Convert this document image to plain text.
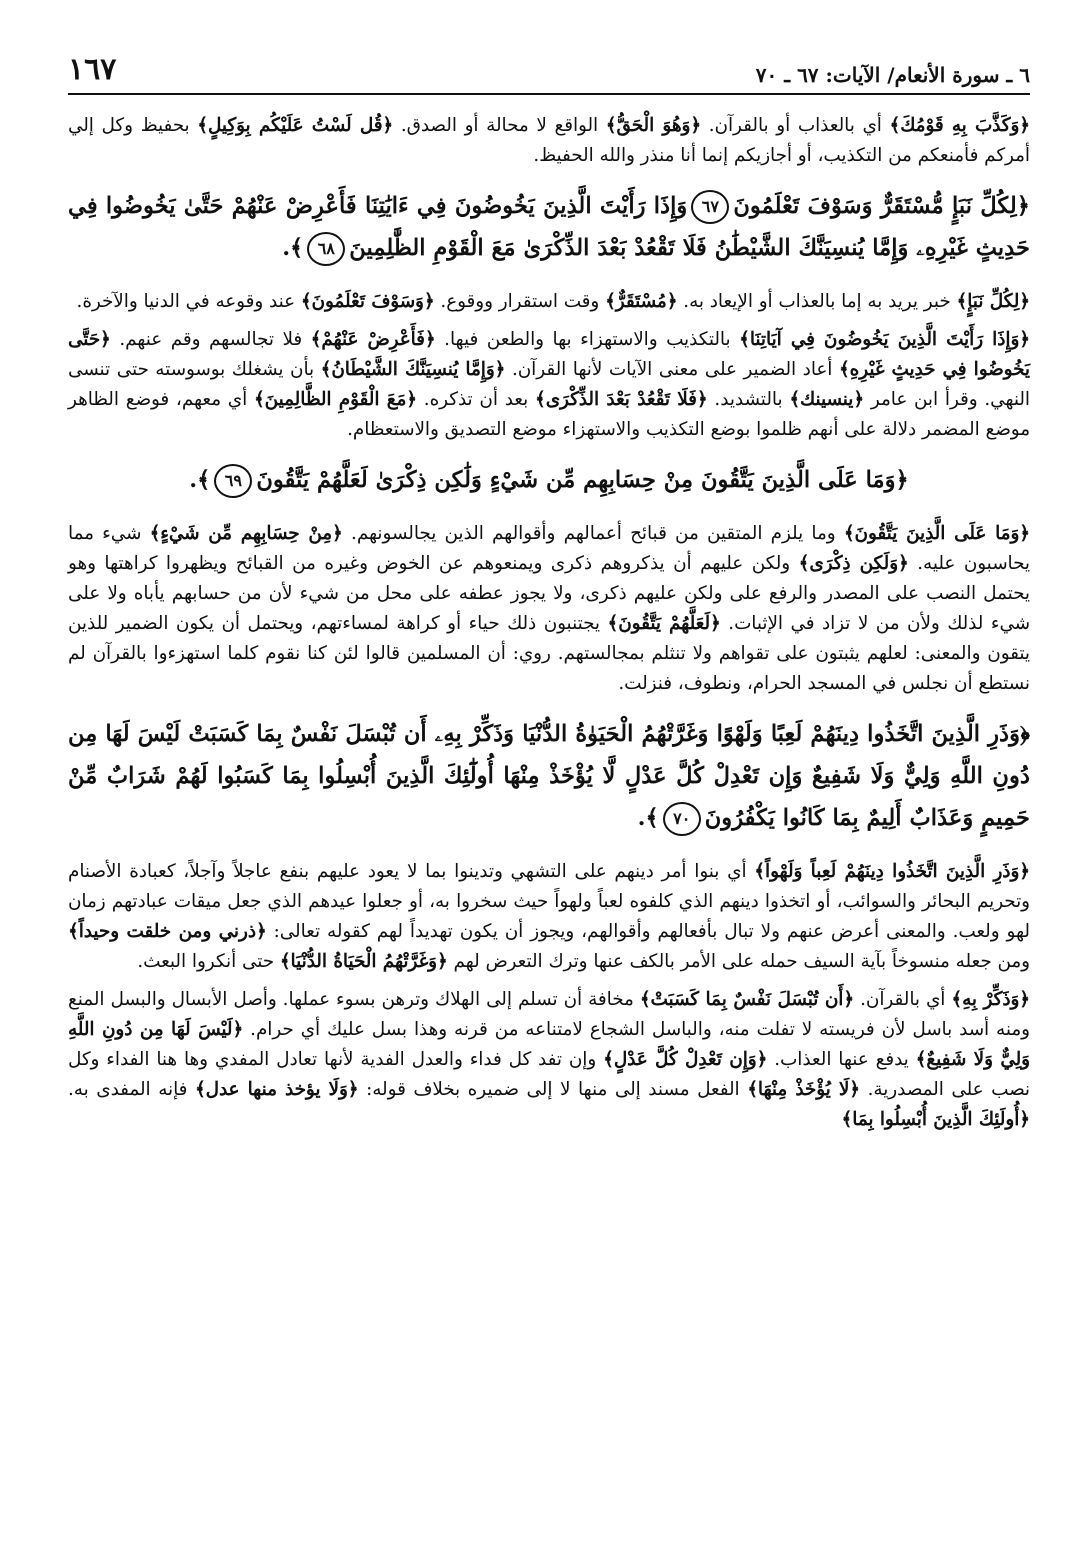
٦ ـ سورة الأنعام/ الآيات: ٦٧ ـ ٧٠
١٦٧

﴿وَكَذَّبَ بِهِ قَوْمُكَ﴾ أي بالعذاب أو بالقرآن. ﴿وَهُوَ الْحَقُّ﴾ الواقع لا محالة أو الصدق. ﴿قُل لَسْتُ عَلَيْكُم بِوَكِيلٍ﴾ بحفيظ وكل إلي أمركم فأمنعكم من التكذيب، أو أجازيكم إنما أنا منذر والله الحفيظ.

﴿لِكُلِّ نَبَإٍ مُّسْتَقَرٌّ وَسَوْفَ تَعْلَمُونَ٦٧وَإِذَا رَأَيْتَ الَّذِينَ يَخُوضُونَ فِي ءَايَٰتِنَا فَأَعْرِضْ عَنْهُمْ حَتَّىٰ يَخُوضُوا فِي حَدِيثٍ غَيْرِهِۦ وَإِمَّا يُنسِيَنَّكَ الشَّيْطَٰنُ فَلَا تَقْعُدْ بَعْدَ الذِّكْرَىٰ مَعَ الْقَوْمِ الظَّٰلِمِينَ٦٨﴾.

﴿لِكُلِّ نَبَإٍ﴾ خبر يريد به إما بالعذاب أو الإيعاد به. ﴿مُسْتَقَرٌّ﴾ وقت استقرار ووقوع. ﴿وَسَوْفَ تَعْلَمُونَ﴾ عند وقوعه في الدنيا والآخرة.

﴿وَإِذَا رَأَيْتَ الَّذِينَ يَخُوضُونَ فِي آيَاتِنَا﴾ بالتكذيب والاستهزاء بها والطعن فيها. ﴿فَأَعْرِضْ عَنْهُمْ﴾ فلا تجالسهم وقم عنهم. ﴿حَتَّى يَخُوضُوا فِي حَدِيثٍ غَيْرِهِ﴾ أعاد الضمير على معنى الآيات لأنها القرآن. ﴿وَإِمَّا يُنسِيَنَّكَ الشَّيْطَانُ﴾ بأن يشغلك بوسوسته حتى تنسى النهي. وقرأ ابن عامر ﴿ينسينك﴾ بالتشديد. ﴿فَلَا تَقْعُدْ بَعْدَ الذِّكْرَى﴾ بعد أن تذكره. ﴿مَعَ الْقَوْمِ الظَّالِمِينَ﴾ أي معهم، فوضع الظاهر موضع المضمر دلالة على أنهم ظلموا بوضع التكذيب والاستهزاء موضع التصديق والاستعظام.

﴿وَمَا عَلَى الَّذِينَ يَتَّقُونَ مِنْ حِسَابِهِم مِّن شَيْءٍ وَلَٰكِن ذِكْرَىٰ لَعَلَّهُمْ يَتَّقُونَ٦٩﴾.

﴿وَمَا عَلَى الَّذِينَ يَتَّقُونَ﴾ وما يلزم المتقين من قبائح أعمالهم وأقوالهم الذين يجالسونهم. ﴿مِنْ حِسَابِهِم مِّن شَيْءٍ﴾ شيء مما يحاسبون عليه. ﴿وَلَكِن ذِكْرَى﴾ ولكن عليهم أن يذكروهم ذكرى ويمنعوهم عن الخوض وغيره من القبائح ويظهروا كراهتها وهو يحتمل النصب على المصدر والرفع على ولكن عليهم ذكرى، ولا يجوز عطفه على محل من شيء لأن من حسابهم يأباه ولا على شيء لذلك ولأن من لا تزاد في الإثبات. ﴿لَعَلَّهُمْ يَتَّقُونَ﴾ يجتنبون ذلك حياء أو كراهة لمساءتهم، ويحتمل أن يكون الضمير للذين يتقون والمعنى: لعلهم يثبتون على تقواهم ولا تنثلم بمجالستهم. روي: أن المسلمين قالوا لئن كنا نقوم كلما استهزءوا بالقرآن لم نستطع أن نجلس في المسجد الحرام، ونطوف، فنزلت.

﴿وَذَرِ الَّذِينَ اتَّخَذُوا دِينَهُمْ لَعِبًا وَلَهْوًا وَغَرَّتْهُمُ الْحَيَوٰةُ الدُّنْيَا وَذَكِّرْ بِهِۦ أَن تُبْسَلَ نَفْسٌ بِمَا كَسَبَتْ لَيْسَ لَهَا مِن دُونِ اللَّهِ وَلِيٌّ وَلَا شَفِيعٌ وَإِن تَعْدِلْ كُلَّ عَدْلٍ لَّا يُؤْخَذْ مِنْهَا أُولَٰٓئِكَ الَّذِينَ أُبْسِلُوا بِمَا كَسَبُوا لَهُمْ شَرَابٌ مِّنْ حَمِيمٍ وَعَذَابٌ أَلِيمٌ بِمَا كَانُوا يَكْفُرُونَ٧٠﴾.

﴿وَذَرِ الَّذِينَ اتَّخَذُوا دِينَهُمْ لَعِباً وَلَهْواً﴾ أي بنوا أمر دينهم على التشهي وتدينوا بما لا يعود عليهم بنفع عاجلاً وآجلاً، كعبادة الأصنام وتحريم البحائر والسوائب، أو اتخذوا دينهم الذي كلفوه لعباً ولهواً حيث سخروا به، أو جعلوا عيدهم الذي جعل ميقات عبادتهم زمان لهو ولعب. والمعنى أعرض عنهم ولا تبال بأفعالهم وأقوالهم، ويجوز أن يكون تهديداً لهم كقوله تعالى: ﴿ذرني ومن خلقت وحيداً﴾ ومن جعله منسوخاً بآية السيف حمله على الأمر بالكف عنها وترك التعرض لهم ﴿وَغَرَّتْهُمُ الْحَيَاةُ الدُّنْيَا﴾ حتى أنكروا البعث.

﴿وَذَكِّرْ بِهِ﴾ أي بالقرآن. ﴿أَن تُبْسَلَ نَفْسٌ بِمَا كَسَبَتْ﴾ مخافة أن تسلم إلى الهلاك وترهن بسوء عملها. وأصل الأبسال والبسل المنع ومنه أسد باسل لأن فريسته لا تفلت منه، والباسل الشجاع لامتناعه من قرنه وهذا بسل عليك أي حرام. ﴿لَيْسَ لَهَا مِن دُونِ اللَّهِ وَلِيٌّ وَلَا شَفِيعٌ﴾ يدفع عنها العذاب. ﴿وَإِن تَعْدِلْ كُلَّ عَدْلٍ﴾ وإن تفد كل فداء والعدل الفدية لأنها تعادل المفدي وها هنا الفداء وكل نصب على المصدرية. ﴿لَا يُؤْخَذْ مِنْهَا﴾ الفعل مسند إلى منها لا إلى ضميره بخلاف قوله: ﴿وَلَا يؤخذ منها عدل﴾ فإنه المفدى به. ﴿أُولَئِكَ الَّذِينَ أُبْسِلُوا بِمَا﴾
